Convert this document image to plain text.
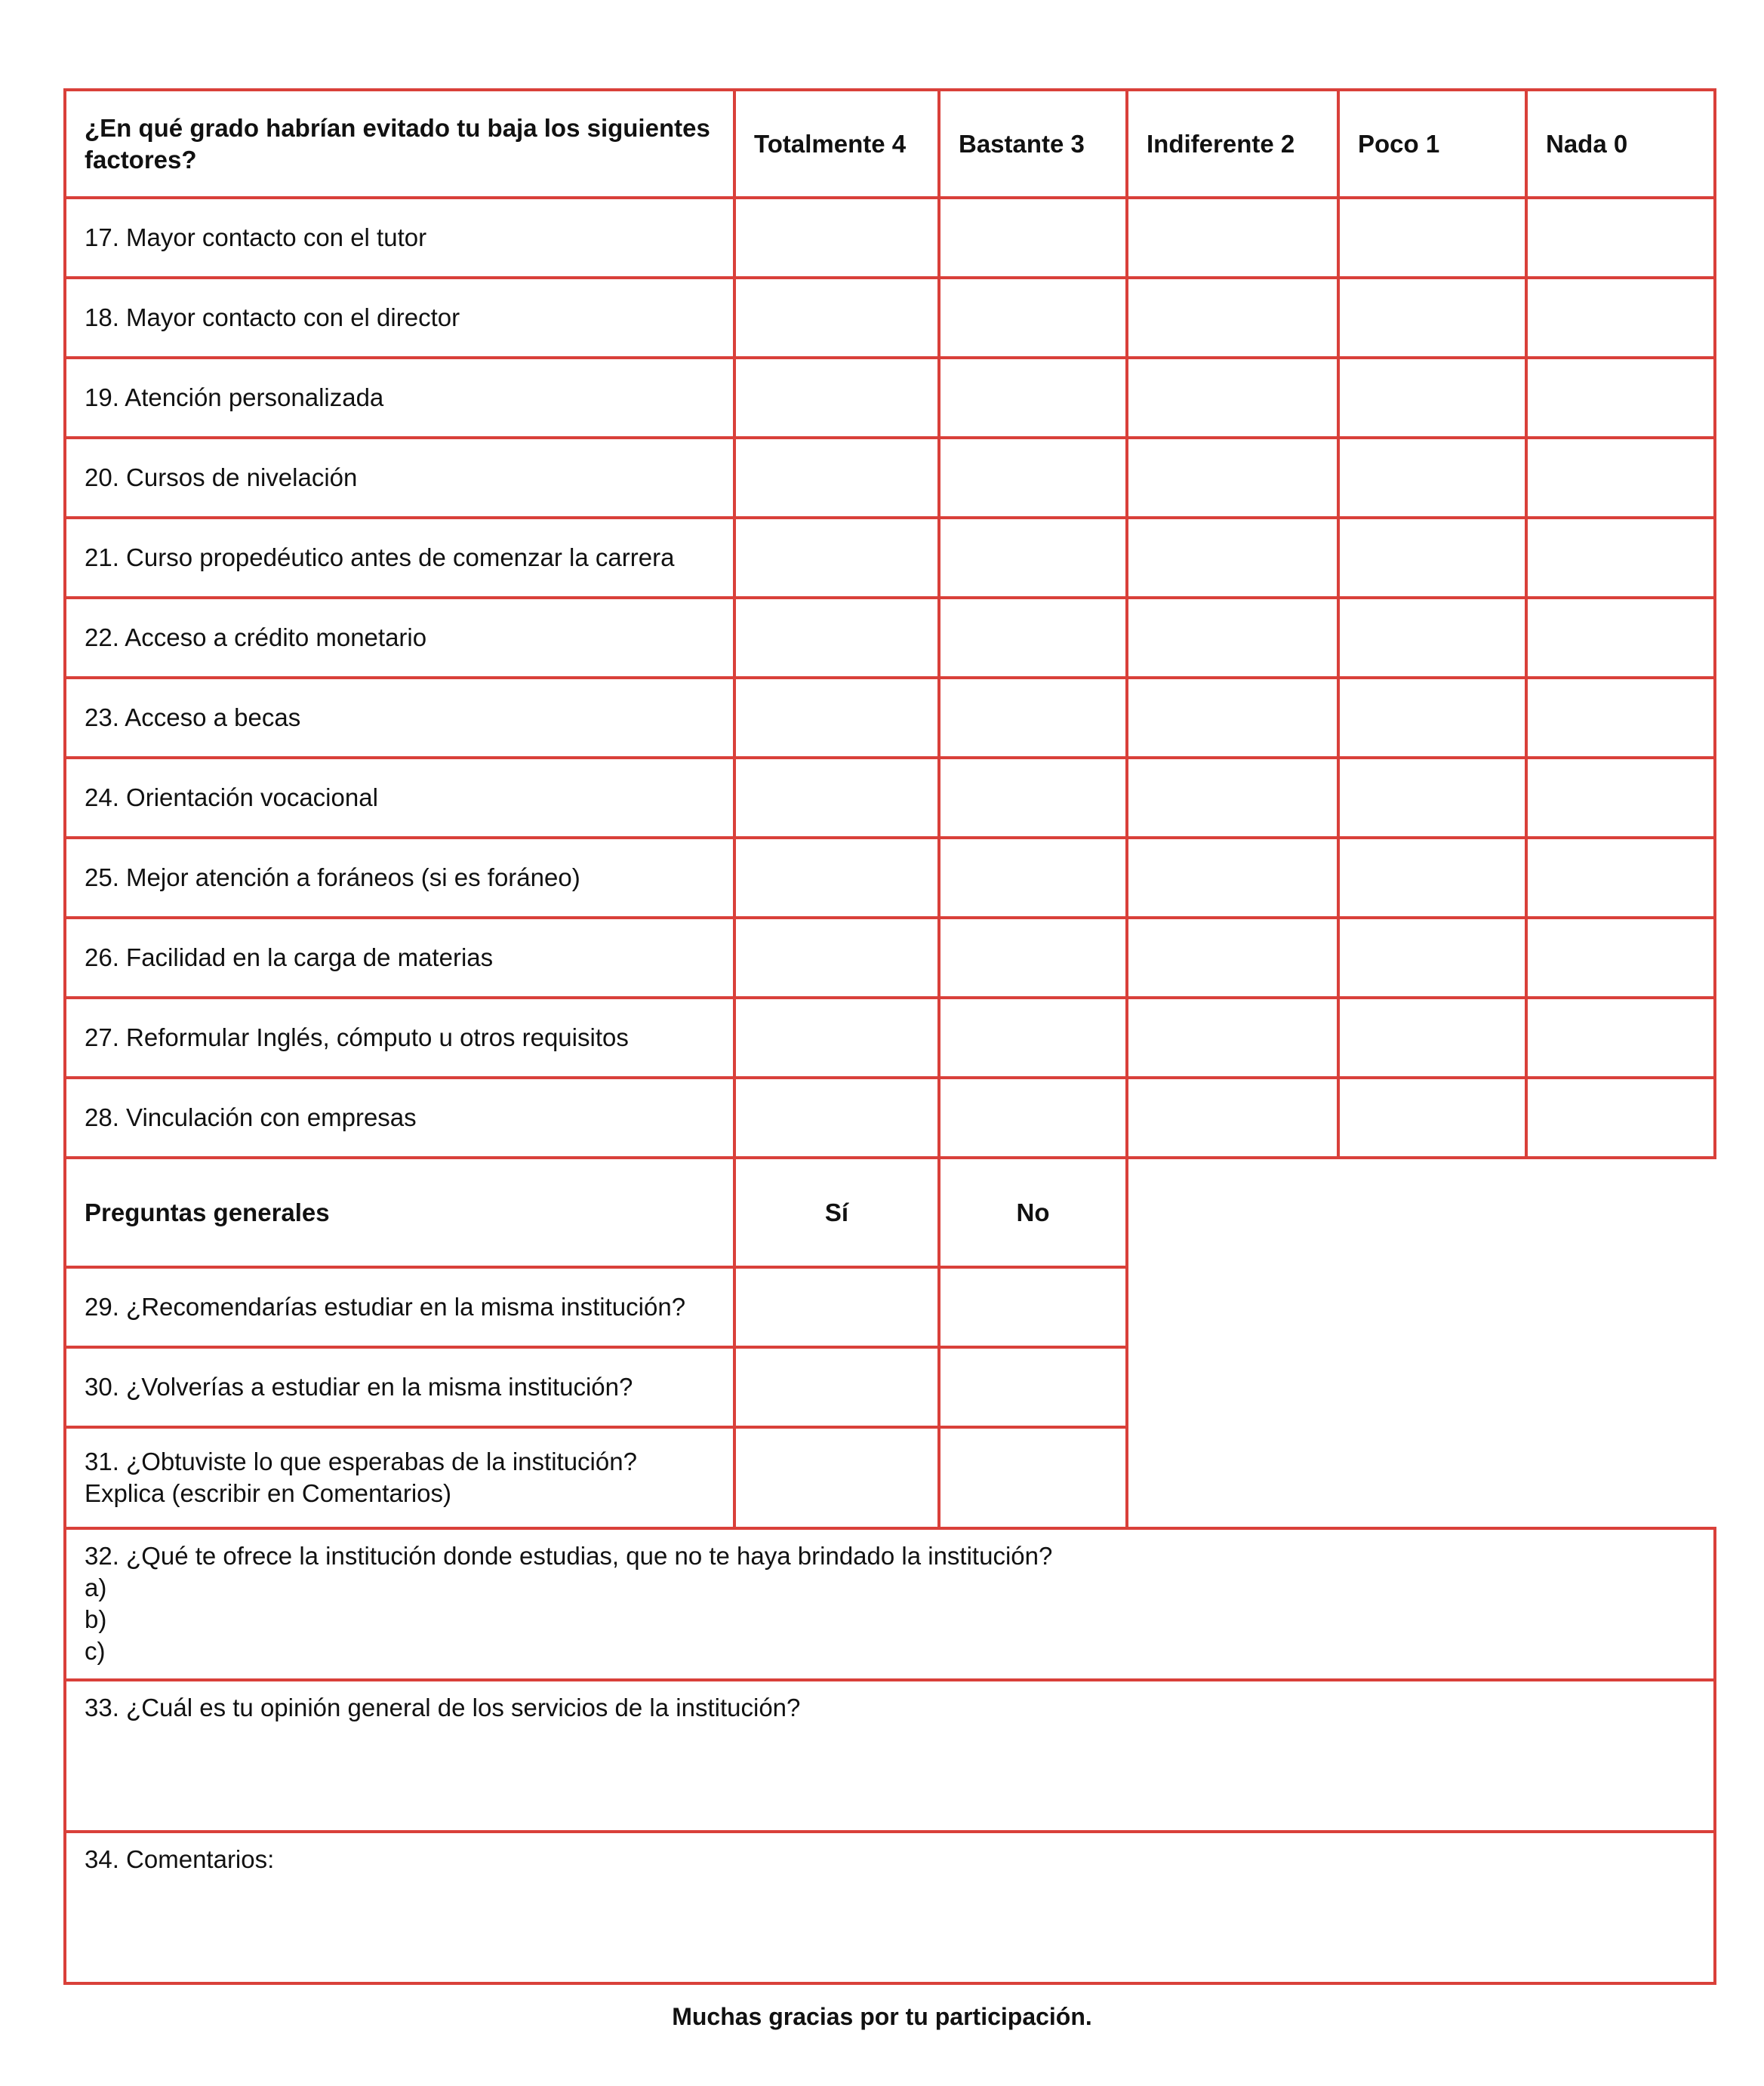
¿En qué grado habrían evitado tu baja los siguientes factores?	Totalmente 4	Bastante 3	Indiferente 2	Poco 1	Nada 0
17. Mayor contacto con el tutor					
18. Mayor contacto con el director					
19. Atención personalizada					
20. Cursos de nivelación					
21. Curso propedéutico antes de comenzar la carrera					
22. Acceso a crédito monetario					
23. Acceso a becas					
24. Orientación vocacional					
25. Mejor atención a foráneos (si es foráneo)					
26. Facilidad en la carga de materias					
27. Reformular Inglés, cómputo u otros requisitos					
28. Vinculación con empresas					
Preguntas generales	Sí	No			
29. ¿Recomendarías estudiar en la misma institución?					
30. ¿Volverías a estudiar en la misma institución?					

31. ¿Obtuviste lo que esperabas de la institución?
Explica (escribir en Comentarios)					

32. ¿Qué te ofrece la institución donde estudias, que no te haya brindado la institución?
a)
b)
c)					

33. ¿Cuál es tu opinión general de los servicios de la institución?					

34. Comentarios:					
Muchas gracias por tu participación.
